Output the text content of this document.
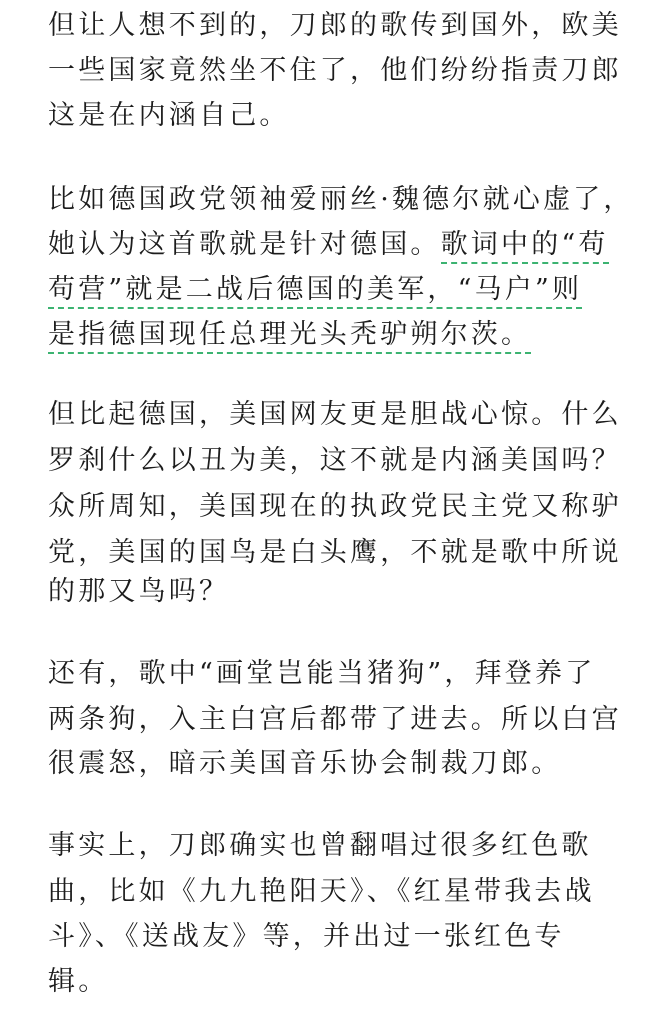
但让人想不到的，刀郎的歌传到国外，欧美
一些国家竟然坐不住了，他们纷纷指责刀郎
这是在内涵自己。
比如德国政党领袖爱丽丝·魏德尔就心虚了，
她认为这首歌就是针对德国。歌词中的“苟
苟营”就是二战后德国的美军，“马户”则
是指德国现任总理光头秃驴朔尔茨。
但比起德国，美国网友更是胆战心惊。什么
罗刹什么以丑为美，这不就是内涵美国吗？
众所周知，美国现在的执政党民主党又称驴
党，美国的国鸟是白头鹰，不就是歌中所说
的那又鸟吗？
还有，歌中“画堂岂能当猪狗”，拜登养了
两条狗，入主白宫后都带了进去。所以白宫
很震怒，暗示美国音乐协会制裁刀郎。
事实上，刀郎确实也曾翻唱过很多红色歌
曲，比如《九九艳阳天》、《红星带我去战
斗》、《送战友》等，并出过一张红色专
辑。
